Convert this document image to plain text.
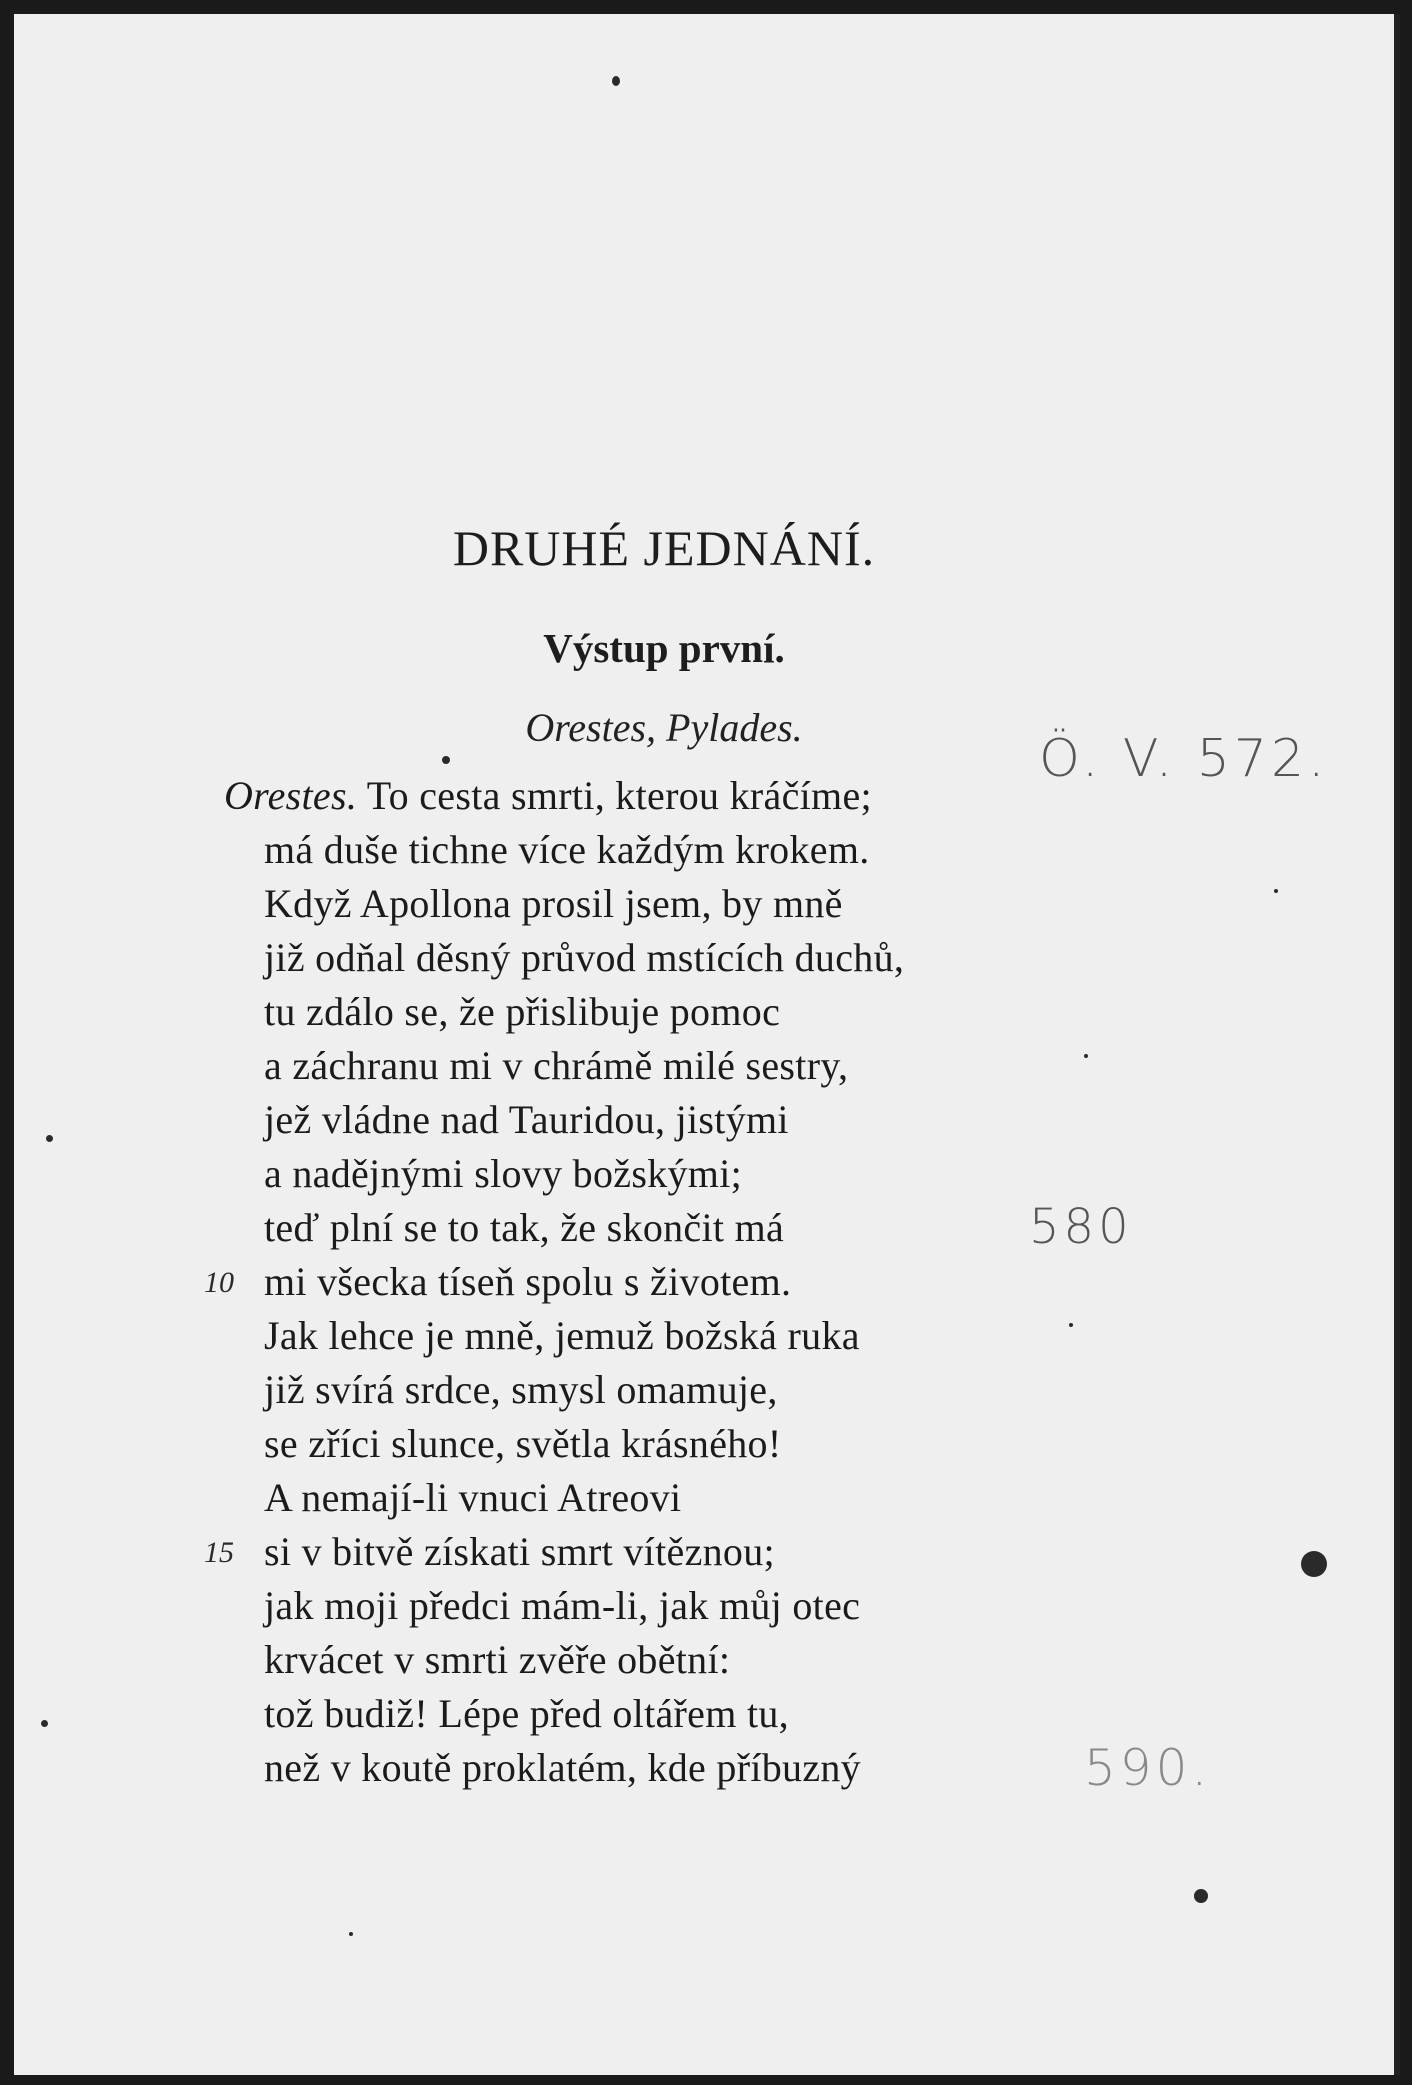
DRUHÉ JEDNÁNÍ.
Výstup první.
Orestes, Pylades.
Orestes. To cesta smrti, kterou kráčíme;
má duše tichne více každým krokem.
Když Apollona prosil jsem, by mně
již odňal děsný průvod mstících duchů,
tu zdálo se, že přislibuje pomoc
a záchranu mi v chrámě milé sestry,
jež vládne nad Tauridou, jistými
a nadějnými slovy božskými;
teď plní se to tak, že skončit má
10 mi všecka tíseň spolu s životem.
Jak lehce je mně, jemuž božská ruka
již svírá srdce, smysl omamuje,
se zříci slunce, světla krásného!
A nemají-li vnuci Atreovi
15 si v bitvě získati smrt vítěznou;
jak moji předci mám-li, jak můj otec
krvácet v smrti zvěře obětní:
tož budiž! Lépe před oltářem tu,
než v koutě proklatém, kde příbuzný
Ö. V. 572.
580
590.
